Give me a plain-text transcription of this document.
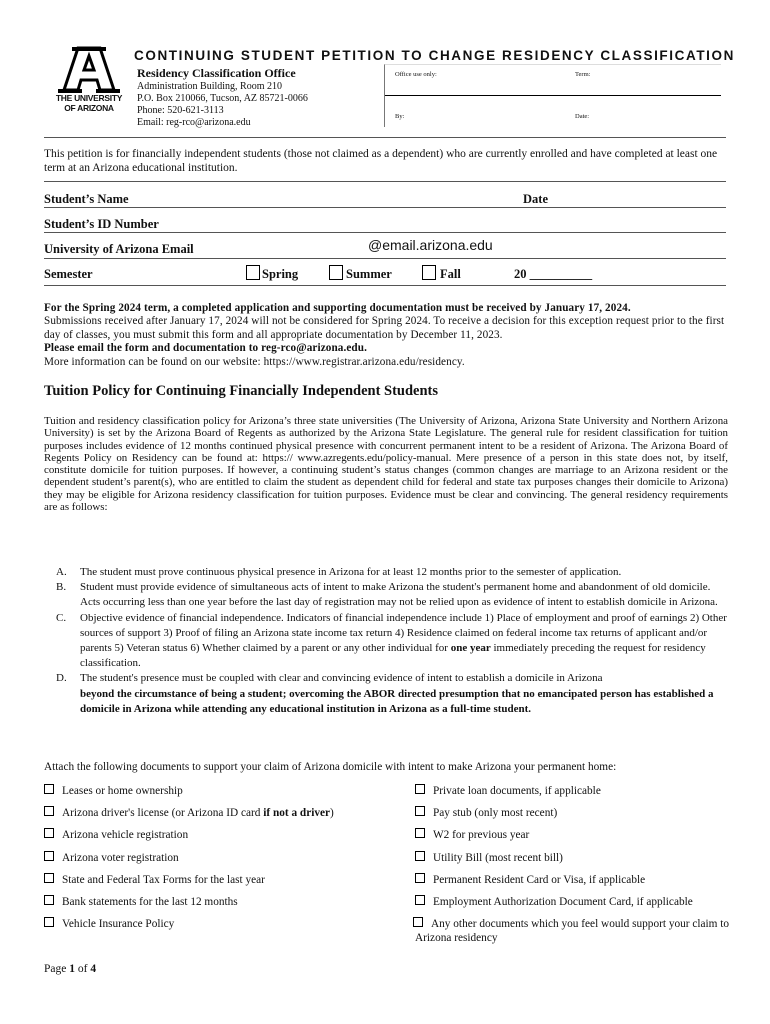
THE UNIVERSITY
OF ARIZONA
CONTINUING STUDENT PETITION TO CHANGE RESIDENCY CLASSIFICATION
Residency Classification Office
Administration Building, Room 210
P.O. Box 210066, Tucson, AZ 85721-0066
Phone: 520-621-3113
Email: reg-rco@arizona.edu
Office use only:	Term:
By:	Date:
This petition is for financially independent students (those not claimed as a dependent) who are currently enrolled and have completed at least one term at an Arizona educational institution.
Student’s Name	Date
Student’s ID Number
University of Arizona Email	@email.arizona.edu
Semester	Spring	Summer	Fall	20 __________
For the Spring 2024 term, a completed application and supporting documentation must be received by January 17, 2024.
Submissions received after January 17, 2024 will not be considered for Spring 2024. To receive a decision for this exception request prior to the first day of classes, you must submit this form and all appropriate documentation by December 11, 2023.
Please email the form and documentation to reg-rco@arizona.edu.
More information can be found on our website: https://www.registrar.arizona.edu/residency.
Tuition Policy for Continuing Financially Independent Students
Tuition and residency classification policy for Arizona’s three state universities (The University of Arizona, Arizona State University and Northern Arizona University) is set by the Arizona Board of Regents as authorized by the Arizona State Legislature. The general rule for resident classification for tuition purposes includes evidence of 12 months continued physical presence with concurrent permanent intent to be a resident of Arizona. The Arizona Board of Regents Policy on Residency can be found at: https:// www.azregents.edu/policy-manual. Mere presence of a person in this state does not, by itself, constitute domicile for tuition purposes. If however, a continuing student’s status changes (common changes are marriage to an Arizona resident or the dependent student’s parent(s), who are entitled to claim the student as dependent child for federal and state tax purposes changes their domicile to Arizona) they may be eligible for Arizona residency classification for tuition purposes. Evidence must be clear and convincing. The general residency requirements are as follows:
A. The student must prove continuous physical presence in Arizona for at least 12 months prior to the semester of application.
B. Student must provide evidence of simultaneous acts of intent to make Arizona the student's permanent home and abandonment of old domicile. Acts occurring less than one year before the last day of registration may not be relied upon as evidence of intent to establish domicile in Arizona.
C. Objective evidence of financial independence. Indicators of financial independence include 1) Place of employment and proof of earnings 2) Other sources of support 3) Proof of filing an Arizona state income tax return 4) Residence claimed on federal income tax returns of applicant and/or parents 5) Veteran status 6) Whether claimed by a parent or any other individual for one year immediately preceding the request for residency classification.
D. The student's presence must be coupled with clear and convincing evidence of intent to establish a domicile in Arizona
beyond the circumstance of being a student; overcoming the ABOR directed presumption that no emancipated person has established a domicile in Arizona while attending any educational institution in Arizona as a full-time student.
Attach the following documents to support your claim of Arizona domicile with intent to make Arizona your permanent home:
Leases or home ownership
Arizona driver's license (or Arizona ID card if not a driver)
Arizona vehicle registration
Arizona voter registration
State and Federal Tax Forms for the last year
Bank statements for the last 12 months
Vehicle Insurance Policy
Private loan documents, if applicable
Pay stub (only most recent)
W2 for previous year
Utility Bill (most recent bill)
Permanent Resident Card or Visa, if applicable
Employment Authorization Document Card, if applicable
Any other documents which you feel would support your claim to Arizona residency
Page 1 of 4
